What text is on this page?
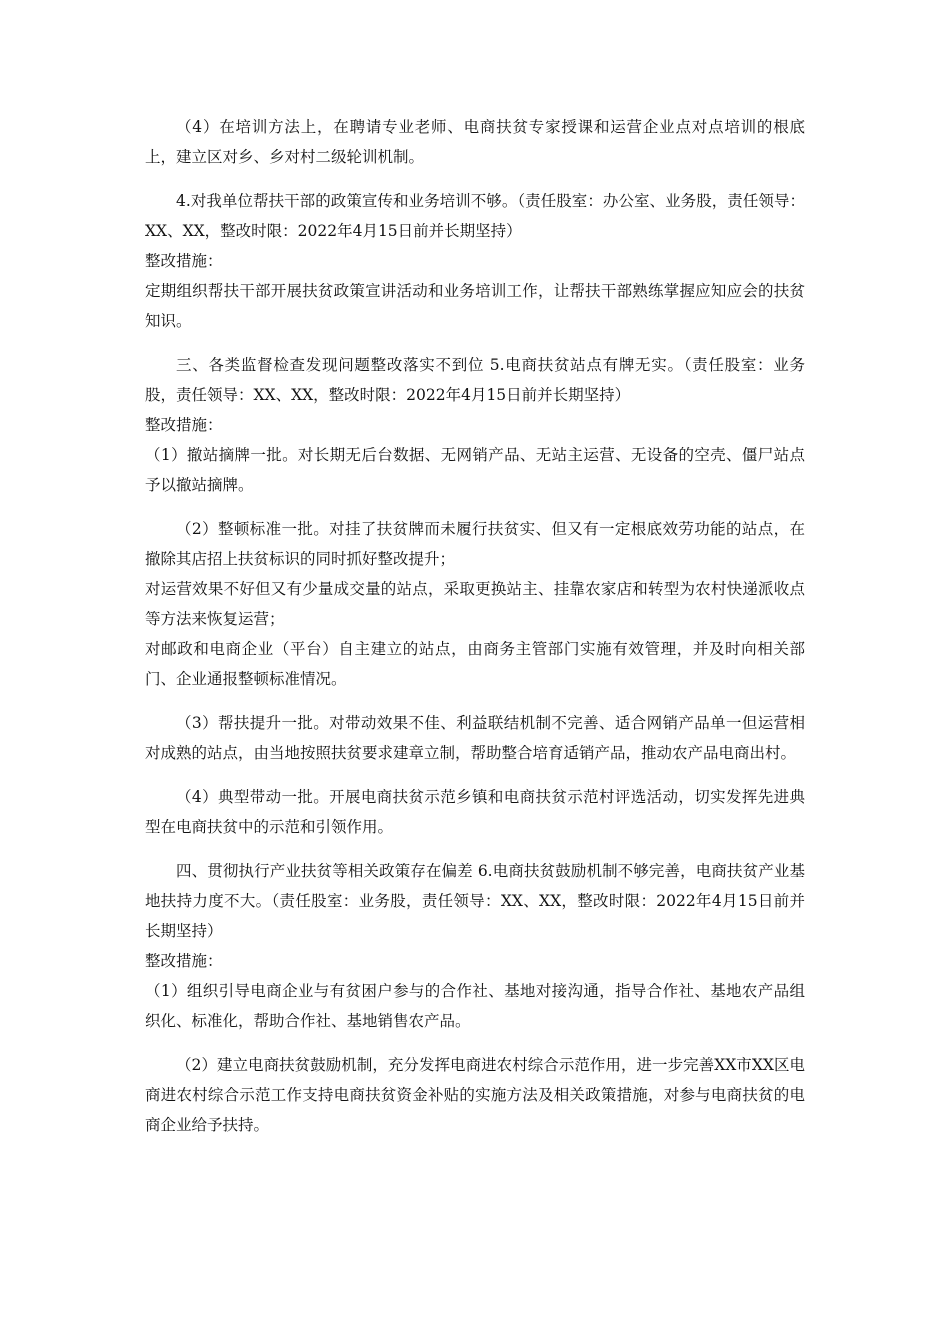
（4）在培训方法上，在聘请专业老师、电商扶贫专家授课和运营企业点对点培训的根底上，建立区对乡、乡对村二级轮训机制。

4.对我单位帮扶干部的政策宣传和业务培训不够。（责任股室：办公室、业务股，责任领导：XX、XX，整改时限：2022年4月15日前并长期坚持）

整改措施：

定期组织帮扶干部开展扶贫政策宣讲活动和业务培训工作，让帮扶干部熟练掌握应知应会的扶贫知识。

三、各类监督检查发现问题整改落实不到位 5.电商扶贫站点有牌无实。（责任股室：业务股，责任领导：XX、XX，整改时限：2022年4月15日前并长期坚持）

整改措施：

（1）撤站摘牌一批。对长期无后台数据、无网销产品、无站主运营、无设备的空壳、僵尸站点予以撤站摘牌。

（2）整顿标准一批。对挂了扶贫牌而未履行扶贫实、但又有一定根底效劳功能的站点，在撤除其店招上扶贫标识的同时抓好整改提升；

对运营效果不好但又有少量成交量的站点，采取更换站主、挂靠农家店和转型为农村快递派收点等方法来恢复运营；

对邮政和电商企业（平台）自主建立的站点，由商务主管部门实施有效管理，并及时向相关部门、企业通报整顿标准情况。

（3）帮扶提升一批。对带动效果不佳、利益联结机制不完善、适合网销产品单一但运营相对成熟的站点，由当地按照扶贫要求建章立制，帮助整合培育适销产品，推动农产品电商出村。

（4）典型带动一批。开展电商扶贫示范乡镇和电商扶贫示范村评选活动，切实发挥先进典型在电商扶贫中的示范和引领作用。

四、贯彻执行产业扶贫等相关政策存在偏差 6.电商扶贫鼓励机制不够完善，电商扶贫产业基地扶持力度不大。（责任股室：业务股，责任领导：XX、XX，整改时限：2022年4月15日前并长期坚持）

整改措施：

（1）组织引导电商企业与有贫困户参与的合作社、基地对接沟通，指导合作社、基地农产品组织化、标准化，帮助合作社、基地销售农产品。

（2）建立电商扶贫鼓励机制，充分发挥电商进农村综合示范作用，进一步完善XX市XX区电商进农村综合示范工作支持电商扶贫资金补贴的实施方法及相关政策措施，对参与电商扶贫的电商企业给予扶持。
